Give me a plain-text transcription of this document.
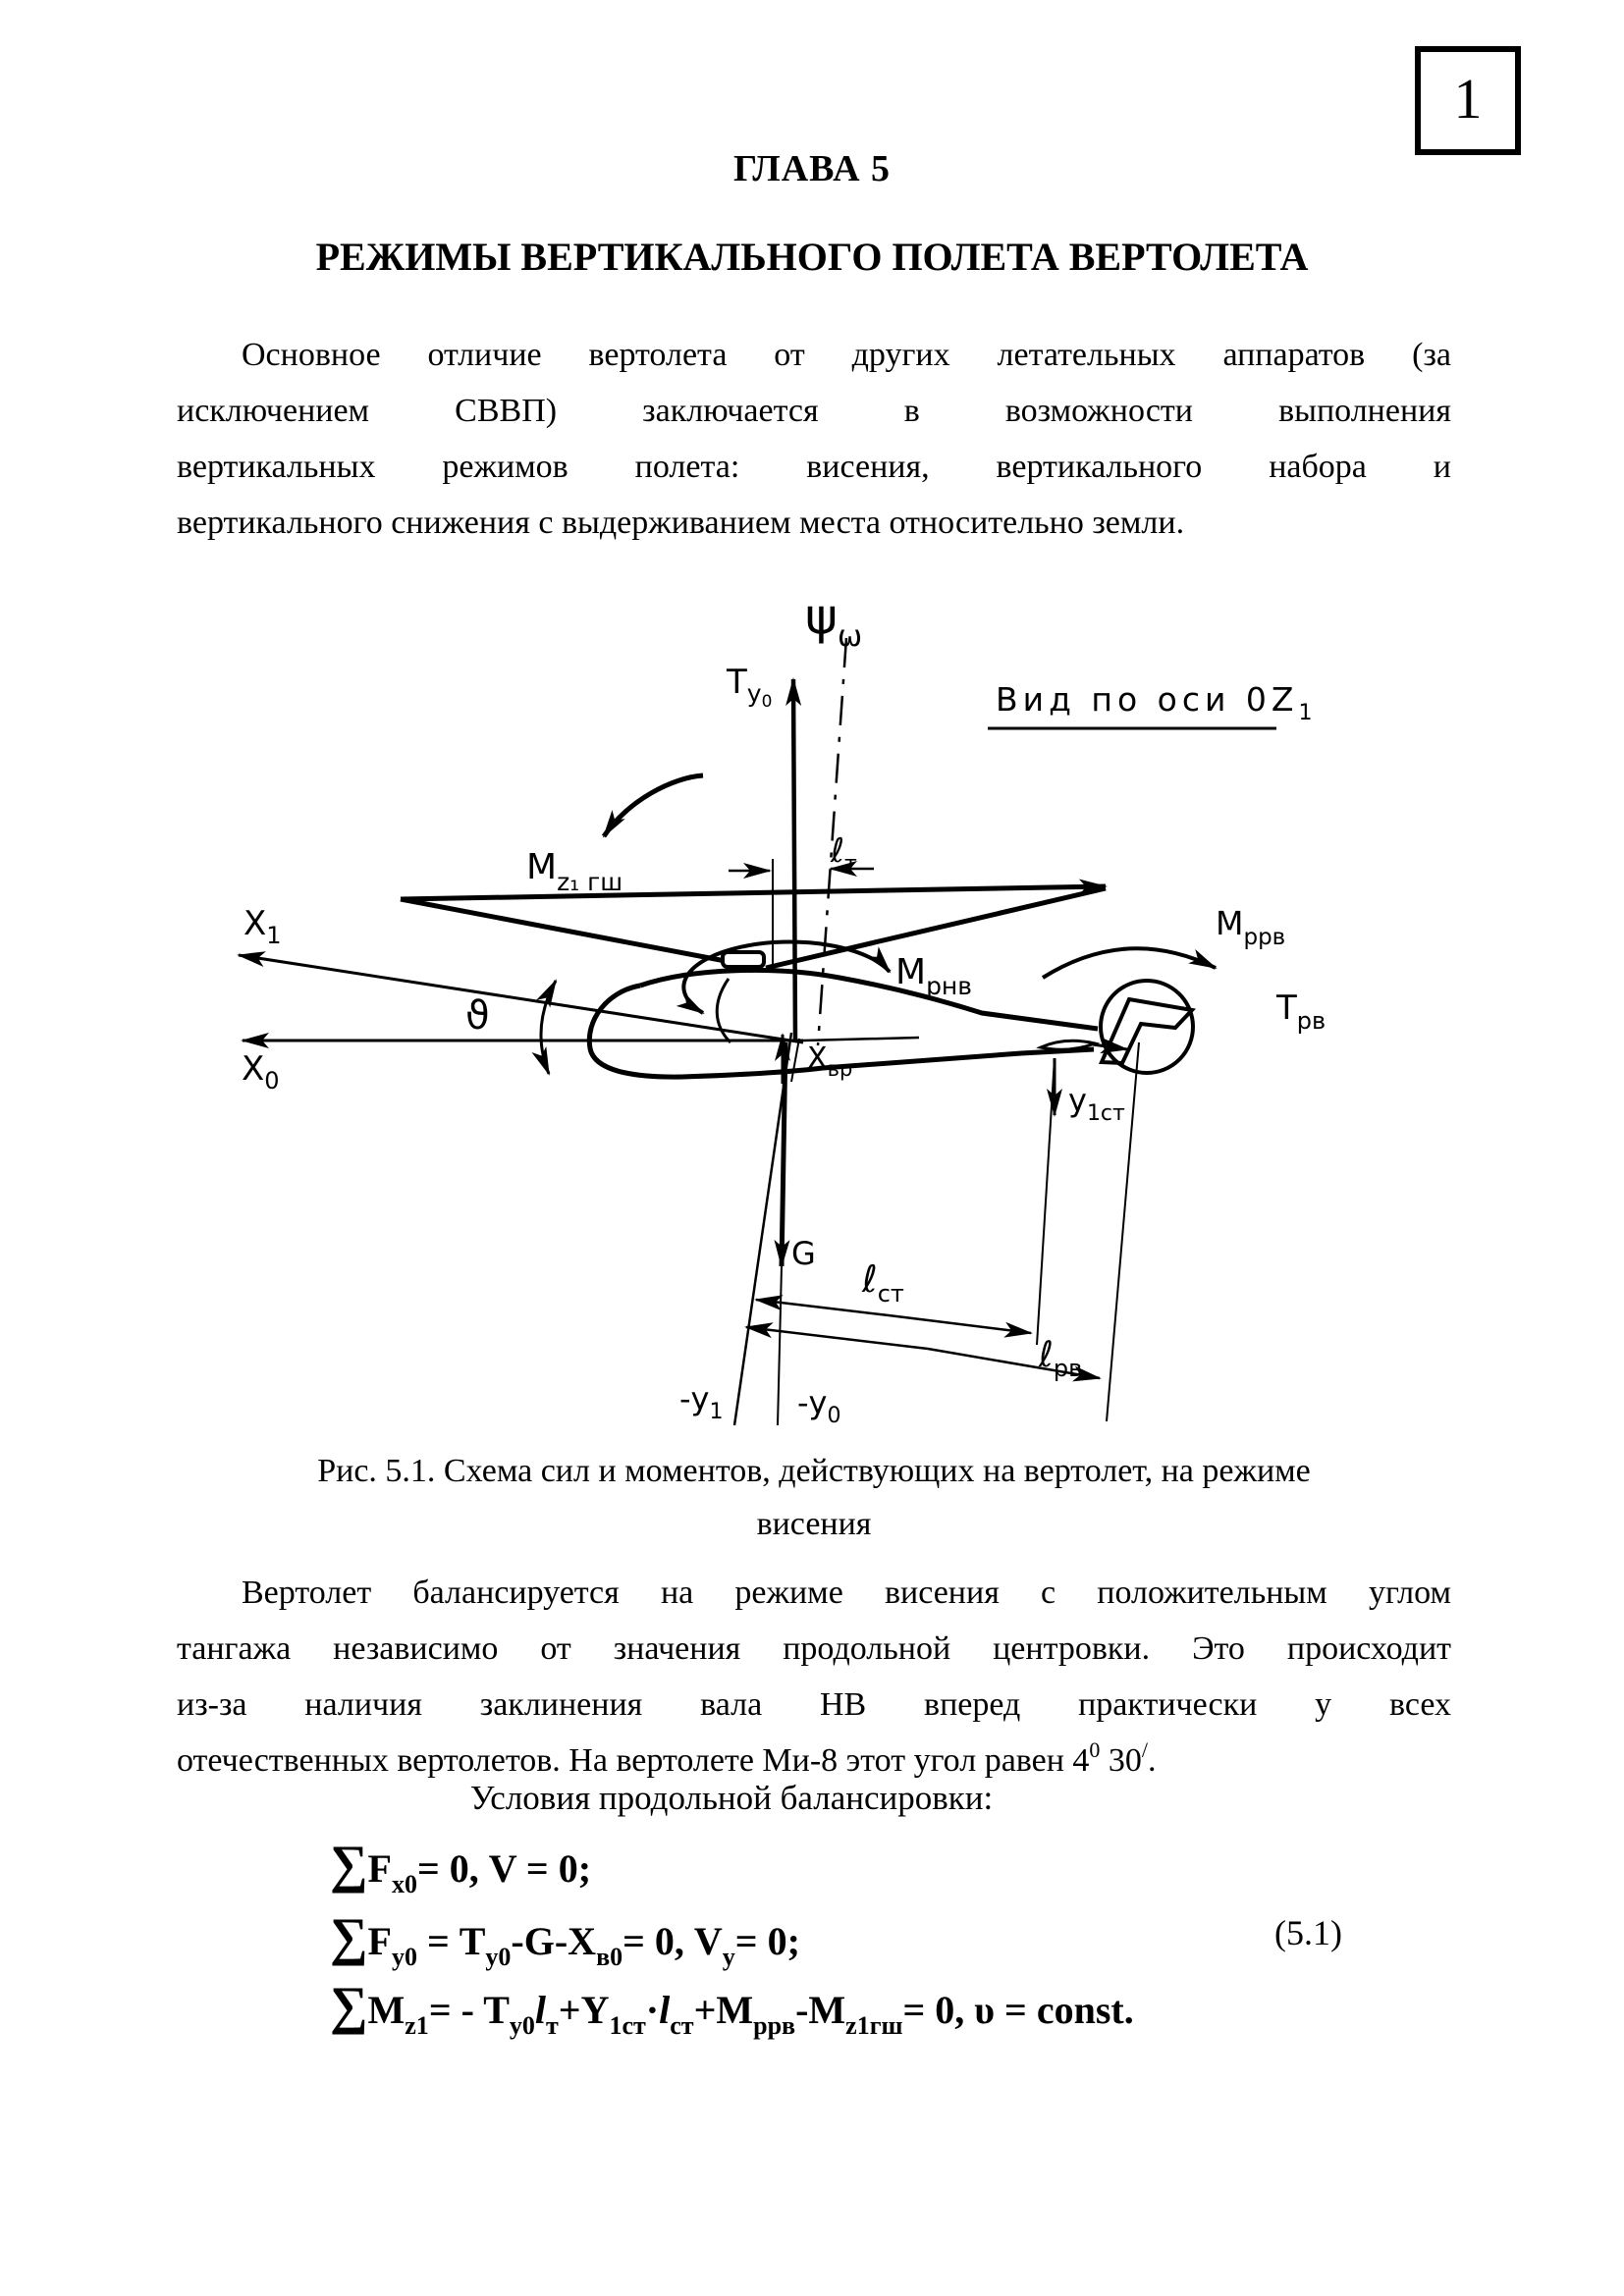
1
ГЛАВА 5
РЕЖИМЫ ВЕРТИКАЛЬНОГО ПОЛЕТА ВЕРТОЛЕТА
Основное отличие вертолета от других летательных аппаратов (за
исключением СВВП) заключается в возможности выполнения
вертикальных режимов полета: висения, вертикального набора и
вертикального снижения с выдерживанием места относительно земли.
$\psi_\omega$
$Т_у0$
$М_{z_1 гш}$
ℓ$_т$
Вид по оси $0Z_1$
$М_{ррв}$
$Т_{рв}$
$у_{1ст}$
$М_{рнв}$
ϑ
$Х_0$
$Х_1$
$Х_{вр}$
G
$-у_1$ $-у_0$
ℓ$_{ст}$
ℓ$_{рв}$
Рис. 5.1. Схема сил и моментов, действующих на вертолет, на режиме
висения
Вертолет балансируется на режиме висения с положительным углом
тангажа независимо от значения продольной центровки. Это происходит
из-за наличия заклинения вала НВ вперед практически у всех
отечественных вертолетов. На вертолете Ми-8 этот угол равен $4^0$ 30/.
Условия продольной балансировки:
$\sum F_{х0}= 0$, V = 0;
$\sum F_{у0} = T_{у0}-G-X_{в0}= 0$, $V_y= 0$;
$\sum M_{z1}= - T_{у0}l_т+Y_{1ст}\cdot l_{ст}+M_{ррв}-M_{z1гш}= 0$, υ = const.
(5.1)
